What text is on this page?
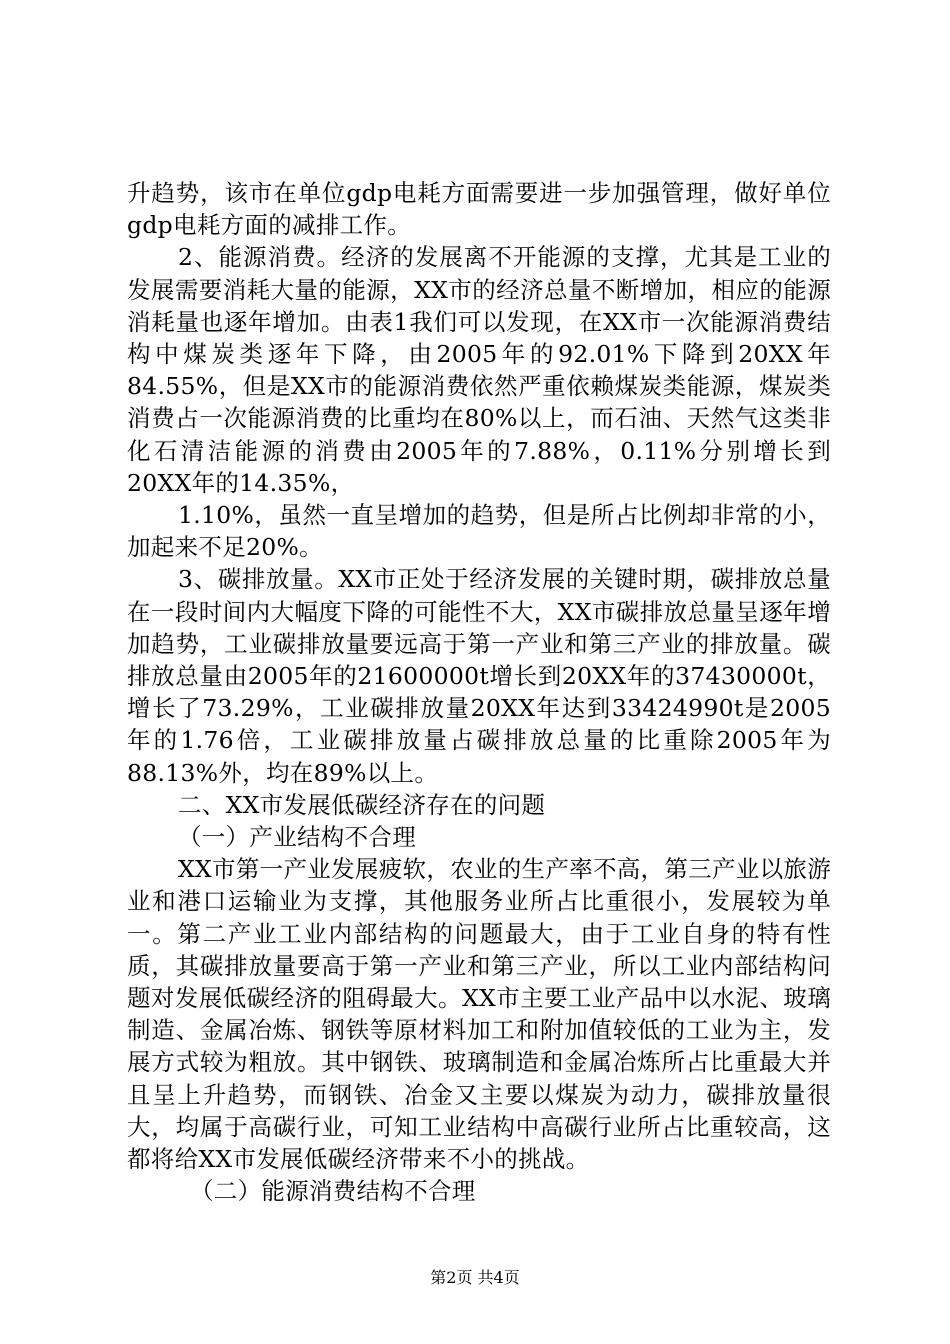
升趋势，该市在单位gdp电耗方面需要进一步加强管理，做好单位gdp电耗方面的减排工作。

2、能源消费。经济的发展离不开能源的支撑，尤其是工业的发展需要消耗大量的能源，XX市的经济总量不断增加，相应的能源消耗量也逐年增加。由表1我们可以发现，在XX市一次能源消费结构中煤炭类逐年下降，由2005年的92.01%下降到20XX年84.55%，但是XX市的能源消费依然严重依赖煤炭类能源，煤炭类消费占一次能源消费的比重均在80%以上，而石油、天然气这类非化石清洁能源的消费由2005年的7.88%，0.11%分别增长到20XX年的14.35%，

1.10%，虽然一直呈增加的趋势，但是所占比例却非常的小，加起来不足20%。

3、碳排放量。XX市正处于经济发展的关键时期，碳排放总量在一段时间内大幅度下降的可能性不大，XX市碳排放总量呈逐年增加趋势，工业碳排放量要远高于第一产业和第三产业的排放量。碳排放总量由2005年的21600000t增长到20XX年的37430000t，增长了73.29%，工业碳排放量20XX年达到33424990t是2005年的1.76倍，工业碳排放量占碳排放总量的比重除2005年为88.13%外，均在89%以上。

二、XX市发展低碳经济存在的问题

（一）产业结构不合理

XX市第一产业发展疲软，农业的生产率不高，第三产业以旅游业和港口运输业为支撑，其他服务业所占比重很小，发展较为单一。第二产业工业内部结构的问题最大，由于工业自身的特有性质，其碳排放量要高于第一产业和第三产业，所以工业内部结构问题对发展低碳经济的阻碍最大。XX市主要工业产品中以水泥、玻璃制造、金属冶炼、钢铁等原材料加工和附加值较低的工业为主，发展方式较为粗放。其中钢铁、玻璃制造和金属冶炼所占比重最大并且呈上升趋势，而钢铁、冶金又主要以煤炭为动力，碳排放量很大，均属于高碳行业，可知工业结构中高碳行业所占比重较高，这都将给XX市发展低碳经济带来不小的挑战。

（二）能源消费结构不合理

第2页 共4页
